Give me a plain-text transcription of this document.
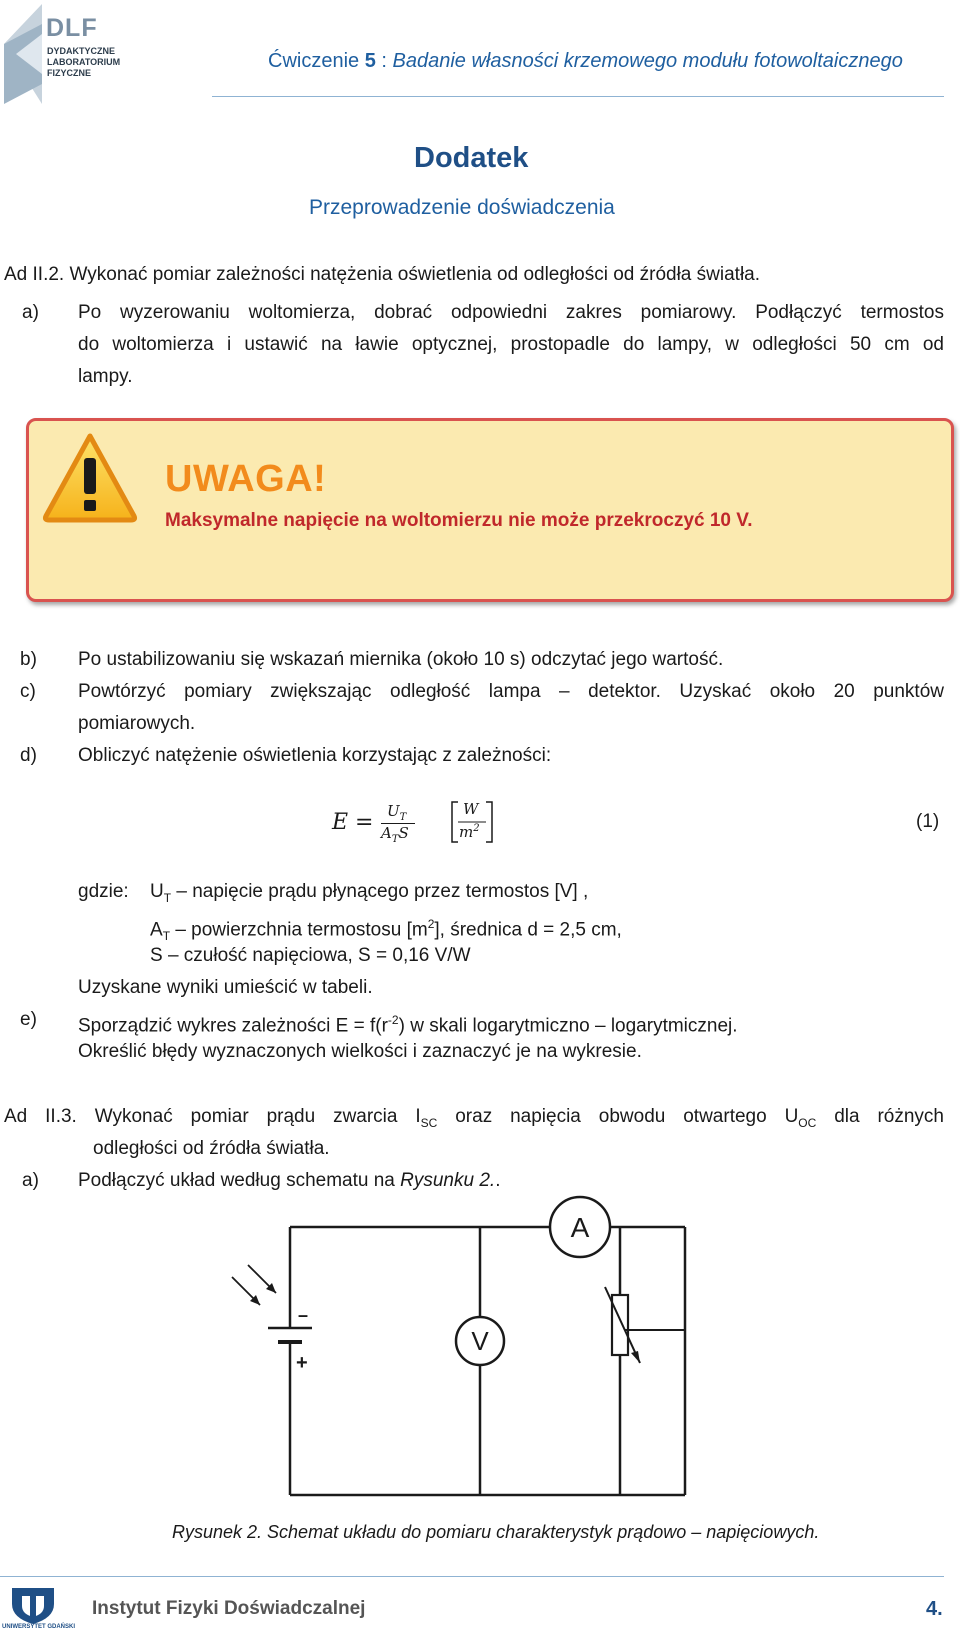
DLF
DYDAKTYCZNE
LABORATORIUM
FIZYCZNE
Ćwiczenie 5 : Badanie własności krzemowego modułu fotowoltaicznego
Dodatek
Przeprowadzenie doświadczenia
Ad II.2. Wykonać pomiar zależności natężenia oświetlenia od odległości od źródła światła.
a) Po wyzerowaniu woltomierza, dobrać odpowiedni zakres pomiarowy. Podłączyć termostos
do woltomierza i ustawić na ławie optycznej, prostopadle do lampy, w odległości 50 cm od
lampy.
UWAGA!
Maksymalne napięcie na woltomierzu nie może przekroczyć 10 V.
b) Po ustabilizowaniu się wskazań miernika (około 10 s) odczytać jego wartość.
c) Powtórzyć pomiary zwiększając odległość lampa – detektor. Uzyskać około 20 punktów
pomiarowych.
d) Obliczyć natężenie oświetlenia korzystając z zależności:
$E = U_T$
$A_TS$
W
$m^2$	(1)
gdzie: $U_T$ – napięcie prądu płynącego przez termostos [V] ,
$A_T$ – powierzchnia termostosu $[m^2]$, średnica d = 2,5 cm,
S – czułość napięciowa, S = 0,16 V/W
Uzyskane wyniki umieścić w tabeli.
e) Sporządzić wykres zależności $E = f(r^{-2})$ w skali logarytmiczno – logarytmicznej.
Określić błędy wyznaczonych wielkości i zaznaczyć je na wykresie.
Ad II.3. Wykonać pomiar prądu zwarcia $I_{SC}$ oraz napięcia obwodu otwartego $U_{OC}$ dla różnych
odległości od źródła światła.
a) Podłączyć układ według schematu na Rysunku 2..
A
V
+
–
Rysunek 2. Schemat układu do pomiaru charakterystyk prądowo – napięciowych.
UNIWERSYTET GDAŃSKI
Instytut Fizyki Doświadczalnej	4.
